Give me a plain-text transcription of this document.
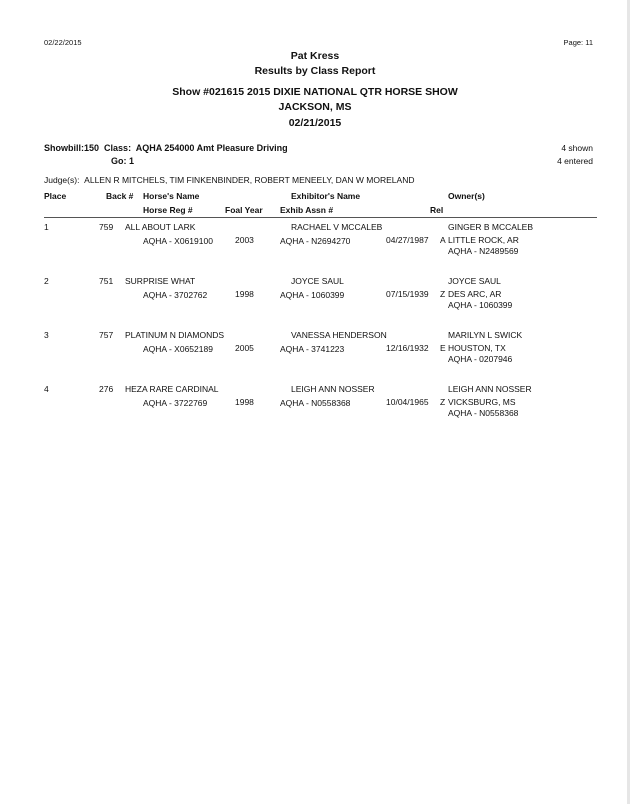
02/22/2015	Page: 11
Pat Kress
Results by Class Report
Show #021615 2015 DIXIE NATIONAL QTR HORSE SHOW
JACKSON, MS
02/21/2015
Showbill:150 Class: AQHA 254000 Amt Pleasure Driving
Go: 1
4 shown
4 entered
Judge(s): ALLEN R MITCHELS, TIM FINKENBINDER, ROBERT MENEELY, DAN W MORELAND
Place	Back # Horse's Name	Exhibitor's Name	Owner(s)
Horse Reg #	Foal Year Exhib Assn #	Rel
1	759 ALL ABOUT LARK	RACHAEL V MCCALEB	GINGER B MCCALEB
AQHA - X0619100	2003	AQHA - N2694270	04/27/1987 A LITTLE ROCK, AR
AQHA - N2489569
2	751 SURPRISE WHAT	JOYCE SAUL	JOYCE SAUL
AQHA - 3702762	1998	AQHA - 1060399	07/15/1939 Z DES ARC, AR
AQHA - 1060399
3	757 PLATINUM N DIAMONDS	VANESSA HENDERSON	MARILYN L SWICK
AQHA - X0652189	2005	AQHA - 3741223	12/16/1932 E HOUSTON, TX
AQHA - 0207946
4	276 HEZA RARE CARDINAL	LEIGH ANN NOSSER	LEIGH ANN NOSSER
AQHA - 3722769	1998	AQHA - N0558368	10/04/1965 Z VICKSBURG, MS
AQHA - N0558368
